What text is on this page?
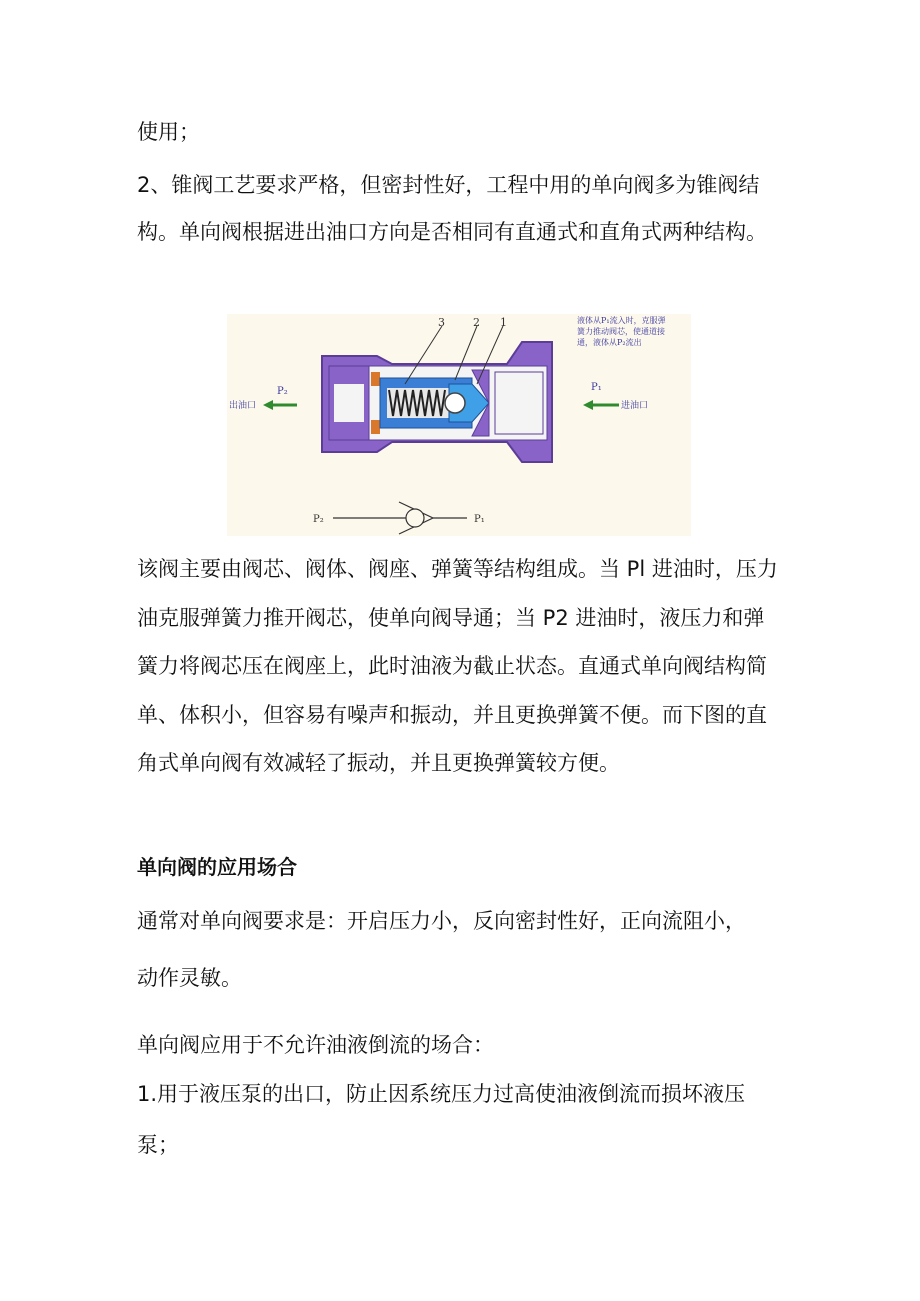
使用；
2、锥阀工艺要求严格，但密封性好，工程中用的单向阀多为锥阀结
构。单向阀根据进出油口方向是否相同有直通式和直角式两种结构。
3	2 1	液体从P₁流入时，克服弹
簧力推动阀芯，使通道接
通，液体从P₂流出
P₂
出油口
P₁
进油口
P₂	P₁
该阀主要由阀芯、阀体、阀座、弹簧等结构组成。当 Pl 进油时，压力
油克服弹簧力推开阀芯，使单向阀导通；当 P2 进油时，液压力和弹
簧力将阀芯压在阀座上，此时油液为截止状态。直通式单向阀结构简
单、体积小，但容易有噪声和振动，并且更换弹簧不便。而下图的直
角式单向阀有效减轻了振动，并且更换弹簧较方便。
单向阀的应用场合
通常对单向阀要求是：开启压力小，反向密封性好，正向流阻小，
动作灵敏。
单向阀应用于不允许油液倒流的场合：
1.用于液压泵的出口，防止因系统压力过高使油液倒流而损坏液压
泵；
